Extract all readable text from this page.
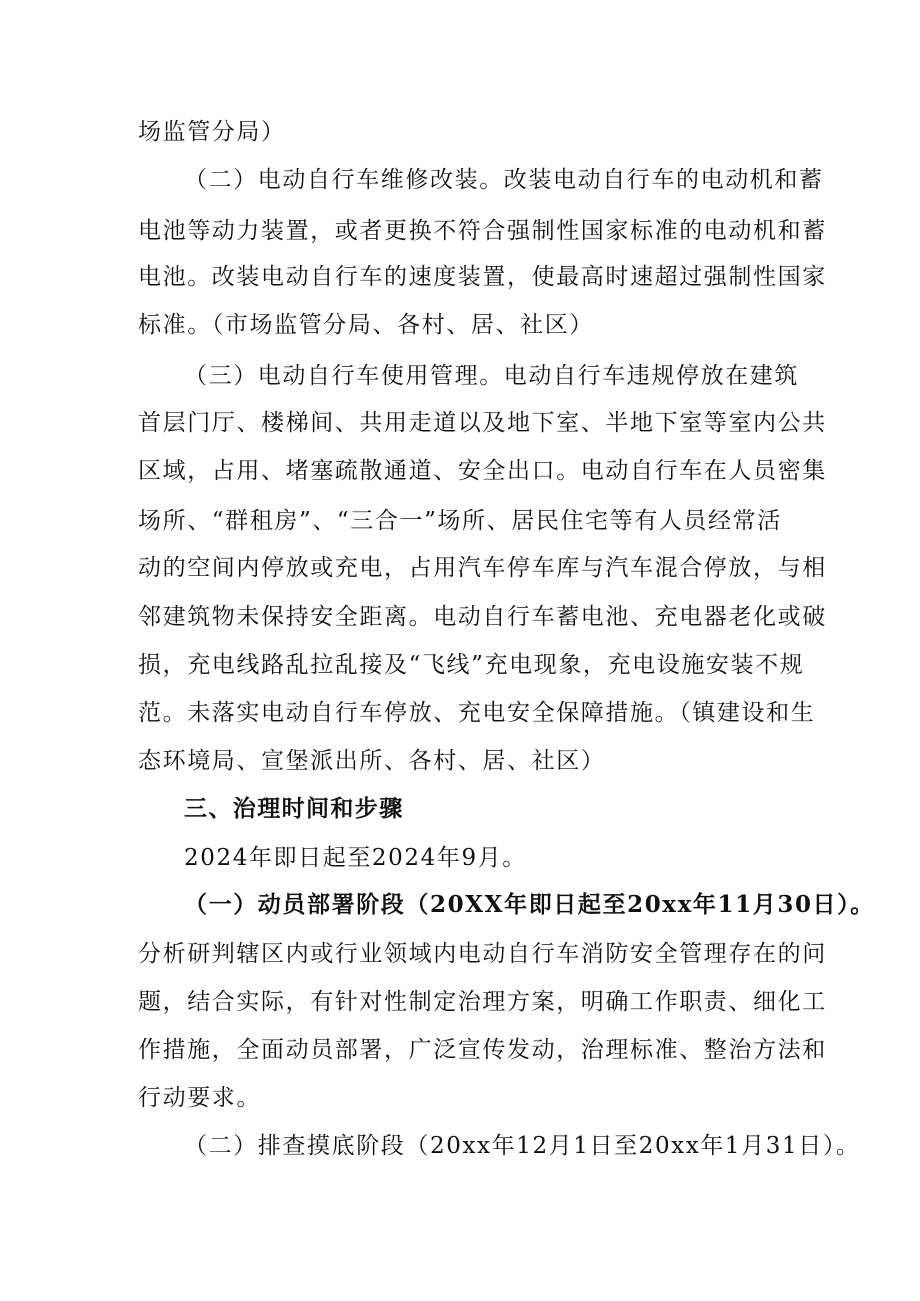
场监管分局）
（二）电动自行车维修改装。改装电动自行车的电动机和蓄
电池等动力装置，或者更换不符合强制性国家标准的电动机和蓄
电池。改装电动自行车的速度装置，使最高时速超过强制性国家
标准。（市场监管分局、各村、居、社区）
（三）电动自行车使用管理。电动自行车违规停放在建筑
首层门厅、楼梯间、共用走道以及地下室、半地下室等室内公共
区域，占用、堵塞疏散通道、安全出口。电动自行车在人员密集
场所、“群租房”、“三合一”场所、居民住宅等有人员经常活
动的空间内停放或充电，占用汽车停车库与汽车混合停放，与相
邻建筑物未保持安全距离。电动自行车蓄电池、充电器老化或破
损，充电线路乱拉乱接及“飞线”充电现象，充电设施安装不规
范。未落实电动自行车停放、充电安全保障措施。（镇建设和生
态环境局、宣堡派出所、各村、居、社区）
三、治理时间和步骤
2024年即日起至2024年9月。
（一）动员部署阶段（20XX年即日起至20xx年11月30日）。
分析研判辖区内或行业领域内电动自行车消防安全管理存在的问
题，结合实际，有针对性制定治理方案，明确工作职责、细化工
作措施，全面动员部署，广泛宣传发动，治理标准、整治方法和
行动要求。
（二）排查摸底阶段（20xx年12月1日至20xx年1月31日）。
